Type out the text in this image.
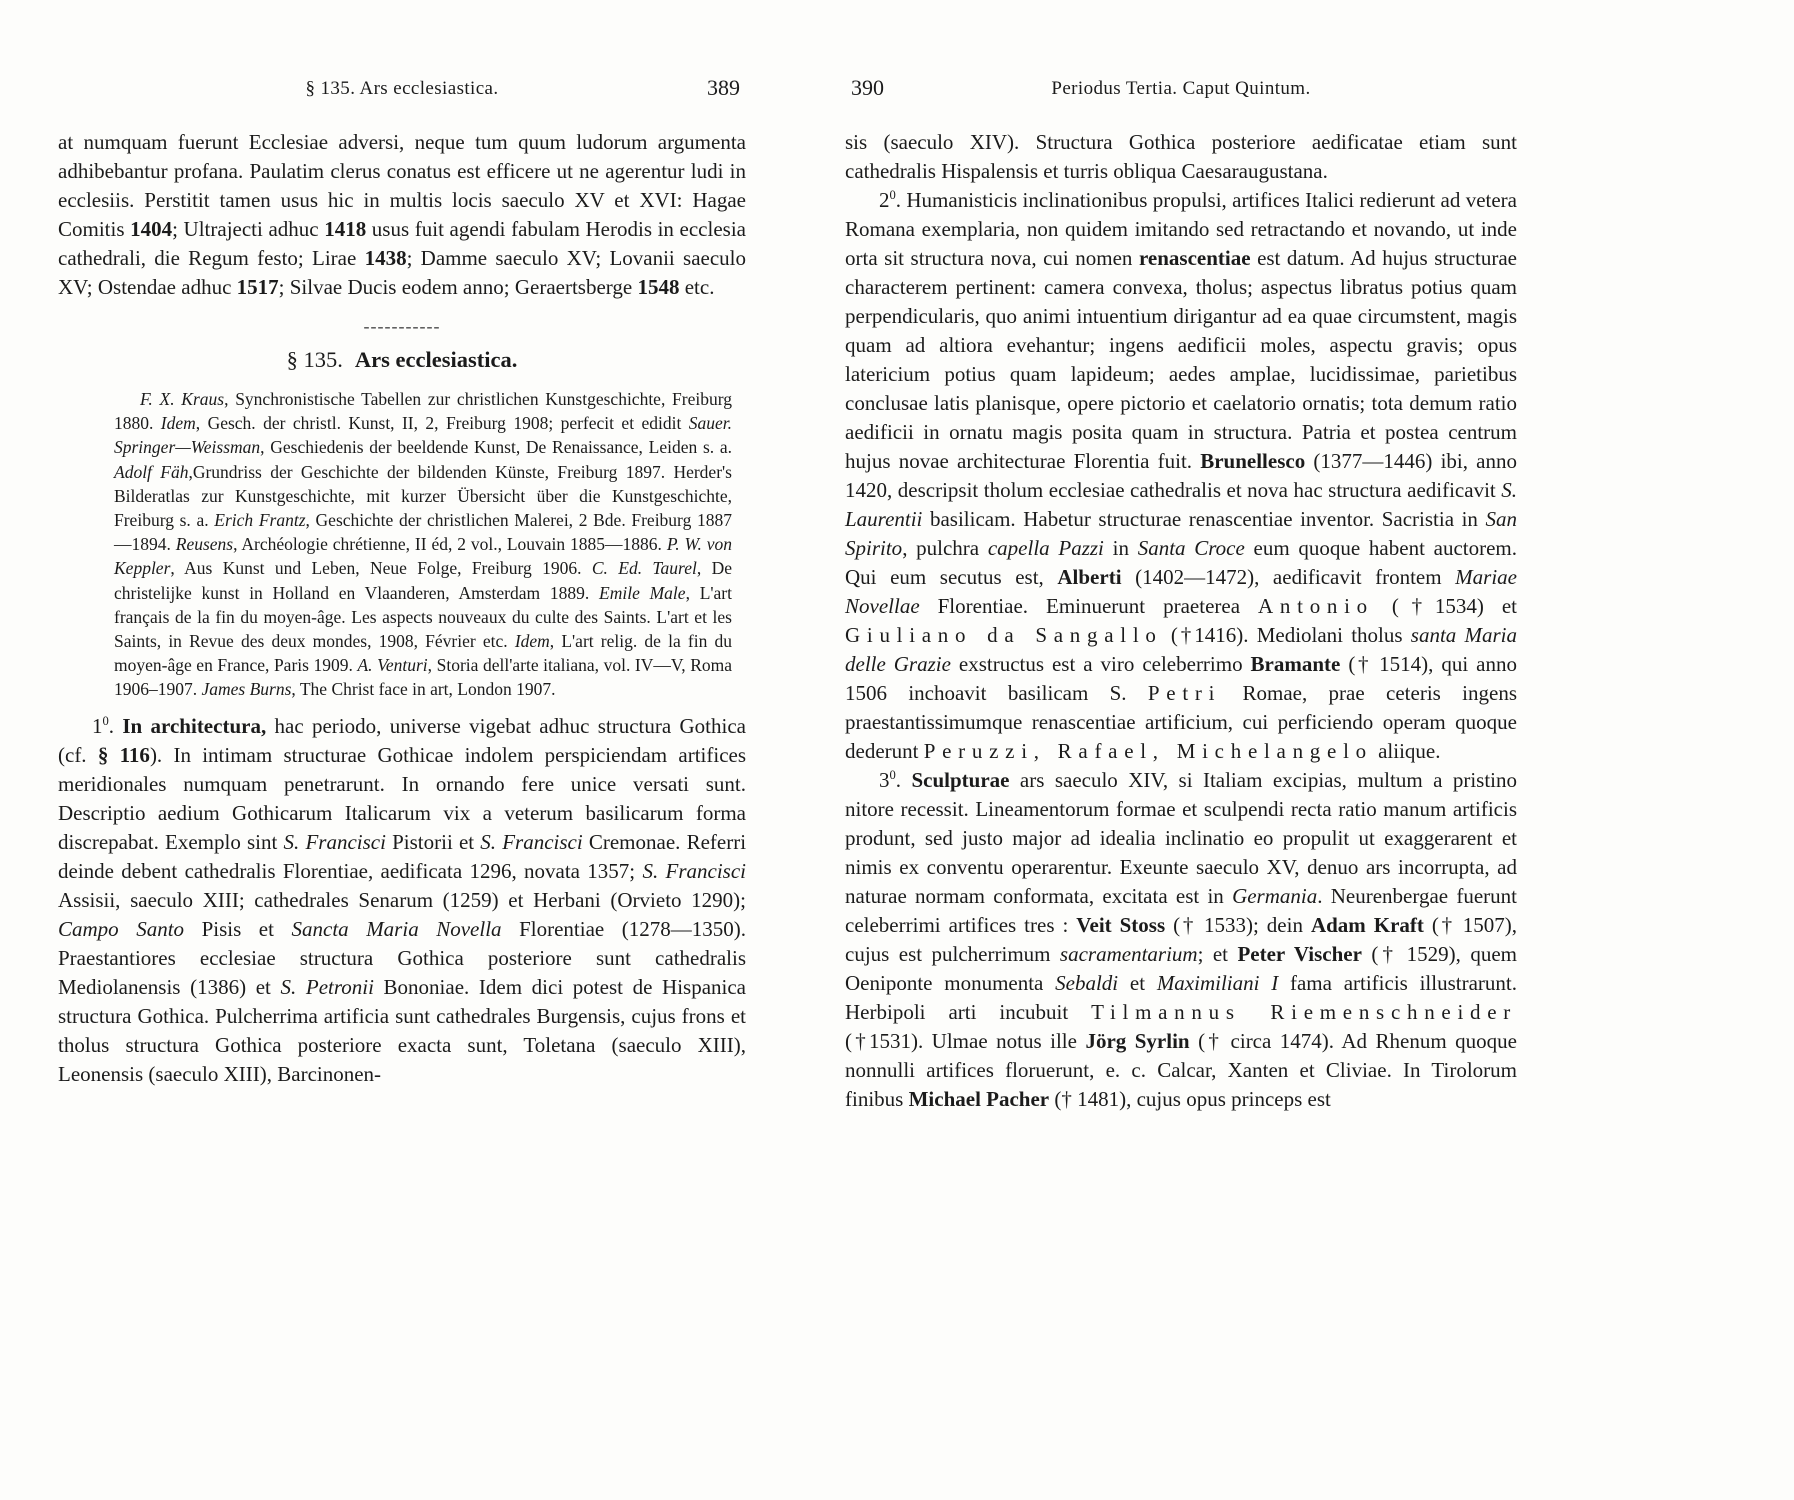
§ 135. Ars ecclesiastica.	389

at numquam fuerunt Ecclesiae adversi, neque tum quum ludorum argumenta adhibebantur profana. Paulatim clerus conatus est efficere ut ne agerentur ludi in ecclesiis. Perstitit tamen usus hic in multis locis saeculo XV et XVI: Hagae Comitis 1404; Ultrajecti adhuc 1418 usus fuit agendi fabulam Herodis in ecclesia cathedrali, die Regum festo; Lirae 1438; Damme saeculo XV; Lovanii saeculo XV; Ostendae adhuc 1517; Silvae Ducis eodem anno; Geraertsberge 1548 etc.

-----------

§ 135. Ars ecclesiastica.

F. X. Kraus, Synchronistische Tabellen zur christlichen Kunstgeschichte, Freiburg 1880. Idem, Gesch. der christl. Kunst, II, 2, Freiburg 1908; perfecit et edidit Sauer. Springer—Weissman, Geschiedenis der beeldende Kunst, De Renaissance, Leiden s. a. Adolf Fäh,Grundriss der Geschichte der bildenden Künste, Freiburg 1897. Herder's Bilderatlas zur Kunstgeschichte, mit kurzer Übersicht über die Kunstgeschichte, Freiburg s. a. Erich Frantz, Geschichte der christlichen Malerei, 2 Bde. Freiburg 1887—1894. Reusens, Archéologie chrétienne, II éd, 2 vol., Louvain 1885—1886. P. W. von Keppler, Aus Kunst und Leben, Neue Folge, Freiburg 1906. C. Ed. Taurel, De christelijke kunst in Holland en Vlaanderen, Amsterdam 1889. Emile Male, L'art français de la fin du moyen-âge. Les aspects nouveaux du culte des Saints. L'art et les Saints, in Revue des deux mondes, 1908, Février etc. Idem, L'art relig. de la fin du moyen-âge en France, Paris 1909. A. Venturi, Storia dell'arte italiana, vol. IV—V, Roma 1906–1907. James Burns, The Christ face in art, London 1907.

$1^0$. In architectura, hac periodo, universe vigebat adhuc structura Gothica (cf. § 116). In intimam structurae Gothicae indolem perspiciendam artifices meridionales numquam penetrarunt. In ornando fere unice versati sunt. Descriptio aedium Gothicarum Italicarum vix a veterum basilicarum forma discrepabat. Exemplo sint S. Francisci Pistorii et S. Francisci Cremonae. Referri deinde debent cathedralis Florentiae, aedificata 1296, novata 1357; S. Francisci Assisii, saeculo XIII; cathedrales Senarum (1259) et Herbani (Orvieto 1290); Campo Santo Pisis et Sancta Maria Novella Florentiae (1278—1350). Praestantiores ecclesiae structura Gothica posteriore sunt cathedralis Mediolanensis (1386) et S. Petronii Bononiae. Idem dici potest de Hispanica structura Gothica. Pulcherrima artificia sunt cathedrales Burgensis, cujus frons et tholus structura Gothica posteriore exacta sunt, Toletana (saeculo XIII), Leonensis (saeculo XIII), Barcinonen-

390	Periodus Tertia. Caput Quintum.

sis (saeculo XIV). Structura Gothica posteriore aedificatae etiam sunt cathedralis Hispalensis et turris obliqua Caesaraugustana.

$2^0$. Humanisticis inclinationibus propulsi, artifices Italici redierunt ad vetera Romana exemplaria, non quidem imitando sed retractando et novando, ut inde orta sit structura nova, cui nomen renascentiae est datum. Ad hujus structurae characterem pertinent: camera convexa, tholus; aspectus libratus potius quam perpendicularis, quo animi intuentium dirigantur ad ea quae circumstent, magis quam ad altiora evehantur; ingens aedificii moles, aspectu gravis; opus latericium potius quam lapideum; aedes amplae, lucidissimae, parietibus conclusae latis planisque, opere pictorio et caelatorio ornatis; tota demum ratio aedificii in ornatu magis posita quam in structura. Patria et postea centrum hujus novae architecturae Florentia fuit. Brunellesco (1377—1446) ibi, anno 1420, descripsit tholum ecclesiae cathedralis et nova hac structura aedificavit S. Laurentii basilicam. Habetur structurae renascentiae inventor. Sacristia in San Spirito, pulchra capella Pazzi in Santa Croce eum quoque habent auctorem. Qui eum secutus est, Alberti (1402—1472), aedificavit frontem Mariae Novellae Florentiae. Eminuerunt praeterea Antonio (†1534) et Giuliano da Sangallo (†1416). Mediolani tholus santa Maria delle Grazie exstructus est a viro celeberrimo Bramante († 1514), qui anno 1506 inchoavit basilicam S. Petri Romae, prae ceteris ingens praestantissimumque renascentiae artificium, cui perficiendo operam quoque dederunt Peruzzi, Rafael, Michelangelo aliique.

$3^0$. Sculpturae ars saeculo XIV, si Italiam excipias, multum a pristino nitore recessit. Lineamentorum formae et sculpendi recta ratio manum artificis produnt, sed justo major ad idealia inclinatio eo propulit ut exaggerarent et nimis ex conventu operarentur. Exeunte saeculo XV, denuo ars incorrupta, ad naturae normam conformata, excitata est in Germania. Neurenbergae fuerunt celeberrimi artifices tres : Veit Stoss († 1533); dein Adam Kraft († 1507), cujus est pulcherrimum sacramentarium; et Peter Vischer († 1529), quem Oeniponte monumenta Sebaldi et Maximiliani I fama artificis illustrarunt. Herbipoli arti incubuit Tilmannus Riemenschneider (†1531). Ulmae notus ille Jörg Syrlin († circa 1474). Ad Rhenum quoque nonnulli artifices floruerunt, e. c. Calcar, Xanten et Cliviae. In Tirolorum finibus Michael Pacher († 1481), cujus opus princeps est
